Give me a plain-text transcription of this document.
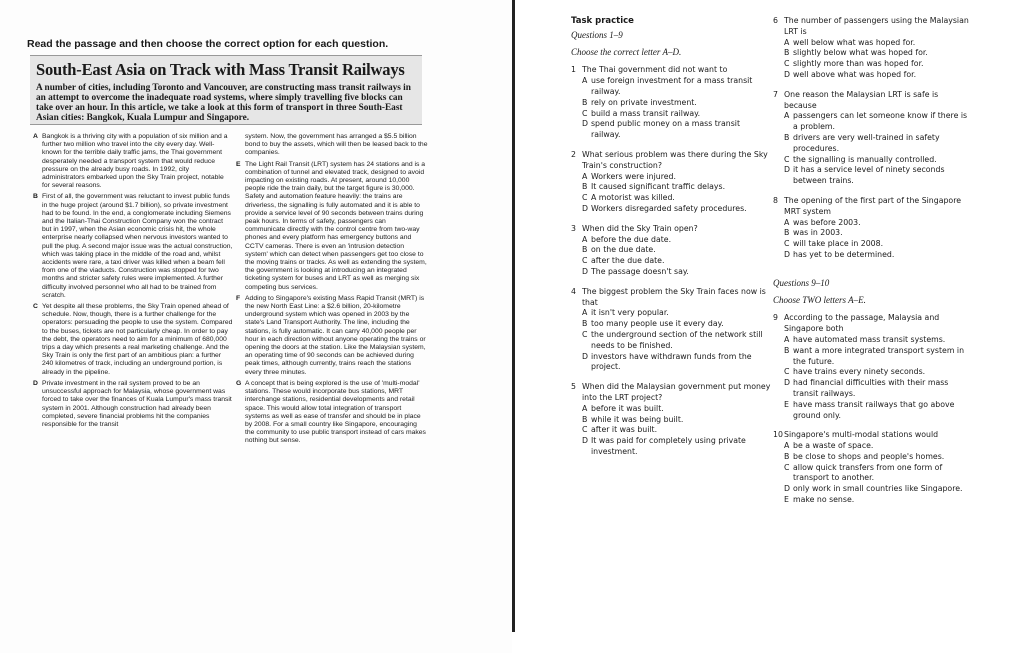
Read the passage and then choose the correct option for each question.
South-East Asia on Track with Mass Transit Railways
A number of cities, including Toronto and Vancouver, are constructing mass transit railways in an attempt to overcome the inadequate road systems, where simply travelling five blocks can take over an hour. In this article, we take a look at this form of transport in three South-East Asian cities: Bangkok, Kuala Lumpur and Singapore.
A Bangkok is a thriving city with a population of six million and a further two million who travel into the city every day. Well-known for the terrible daily traffic jams, the Thai government desperately needed a transport system that would reduce pressure on the already busy roads. In 1992, city administrators embarked upon the Sky Train project, notable for several reasons.
B First of all, the government was reluctant to invest public funds in the huge project (around $1.7 billion), so private investment had to be found. In the end, a conglomerate including Siemens and the Italian-Thai Construction Company won the contract but in 1997, when the Asian economic crisis hit, the whole enterprise nearly collapsed when nervous investors wanted to pull the plug. A second major issue was the actual construction, which was taking place in the middle of the road and, whilst accidents were rare, a taxi driver was killed when a beam fell from one of the viaducts. Construction was stopped for two months and stricter safety rules were implemented. A further difficulty involved personnel who all had to be trained from scratch.
C Yet despite all these problems, the Sky Train opened ahead of schedule. Now, though, there is a further challenge for the operators: persuading the people to use the system. Compared to the buses, tickets are not particularly cheap. In order to pay the debt, the operators need to aim for a minimum of 680,000 trips a day which presents a real marketing challenge. And the Sky Train is only the first part of an ambitious plan: a further 240 kilometres of track, including an underground portion, is already in the pipeline.
D Private investment in the rail system proved to be an unsuccessful approach for Malaysia, whose government was forced to take over the finances of Kuala Lumpur's mass transit system in 2001. Although construction had already been completed, severe financial problems hit the companies responsible for the transit
system. Now, the government has arranged a $5.5 billion bond to buy the assets, which will then be leased back to the companies.
E The Light Rail Transit (LRT) system has 24 stations and is a combination of tunnel and elevated track, designed to avoid impacting on existing roads. At present, around 10,000 people ride the train daily, but the target figure is 30,000. Safety and automation feature heavily: the trains are driverless, the signalling is fully automated and it is able to provide a service level of 90 seconds between trains during peak hours. In terms of safety, passengers can communicate directly with the control centre from two-way phones and every platform has emergency buttons and CCTV cameras. There is even an 'intrusion detection system' which can detect when passengers get too close to the moving trains or tracks. As well as extending the system, the government is looking at introducing an integrated ticketing system for buses and LRT as well as merging six competing bus services.
F Adding to Singapore's existing Mass Rapid Transit (MRT) is the new North East Line: a $2.6 billion, 20-kilometre underground system which was opened in 2003 by the state's Land Transport Authority. The line, including the stations, is fully automatic. It can carry 40,000 people per hour in each direction without anyone operating the trains or opening the doors at the station. Like the Malaysian system, an operating time of 90 seconds can be achieved during peak times, although currently, trains reach the stations every three minutes.
G A concept that is being explored is the use of 'multi-modal' stations. These would incorporate bus stations, MRT interchange stations, residential developments and retail space. This would allow total integration of transport systems as well as ease of transfer and should be in place by 2008. For a small country like Singapore, encouraging the community to use public transport instead of cars makes nothing but sense.
Task practice
Questions 1–9
Choose the correct letter A–D.
1 The Thai government did not want to
A use foreign investment for a mass transit railway.
B rely on private investment.
C build a mass transit railway.
D spend public money on a mass transit railway.
2 What serious problem was there during the Sky Train's construction?
A Workers were injured.
B It caused significant traffic delays.
C A motorist was killed.
D Workers disregarded safety procedures.
3 When did the Sky Train open?
A before the due date.
B on the due date.
C after the due date.
D The passage doesn't say.
4 The biggest problem the Sky Train faces now is that
A it isn't very popular.
B too many people use it every day.
C the underground section of the network still needs to be finished.
D investors have withdrawn funds from the project.
5 When did the Malaysian government put money into the LRT project?
A before it was built.
B while it was being built.
C after it was built.
D It was paid for completely using private investment.
6 The number of passengers using the Malaysian LRT is
A well below what was hoped for.
B slightly below what was hoped for.
C slightly more than was hoped for.
D well above what was hoped for.
7 One reason the Malaysian LRT is safe is because
A passengers can let someone know if there is a problem.
B drivers are very well-trained in safety procedures.
C the signalling is manually controlled.
D it has a service level of ninety seconds between trains.
8 The opening of the first part of the Singapore MRT system
A was before 2003.
B was in 2003.
C will take place in 2008.
D has yet to be determined.
Questions 9–10
Choose TWO letters A–E.
9 According to the passage, Malaysia and Singapore both
A have automated mass transit systems.
B want a more integrated transport system in the future.
C have trains every ninety seconds.
D had financial difficulties with their mass transit railways.
E have mass transit railways that go above ground only.
10 Singapore's multi-modal stations would
A be a waste of space.
B be close to shops and people's homes.
C allow quick transfers from one form of transport to another.
D only work in small countries like Singapore.
E make no sense.
